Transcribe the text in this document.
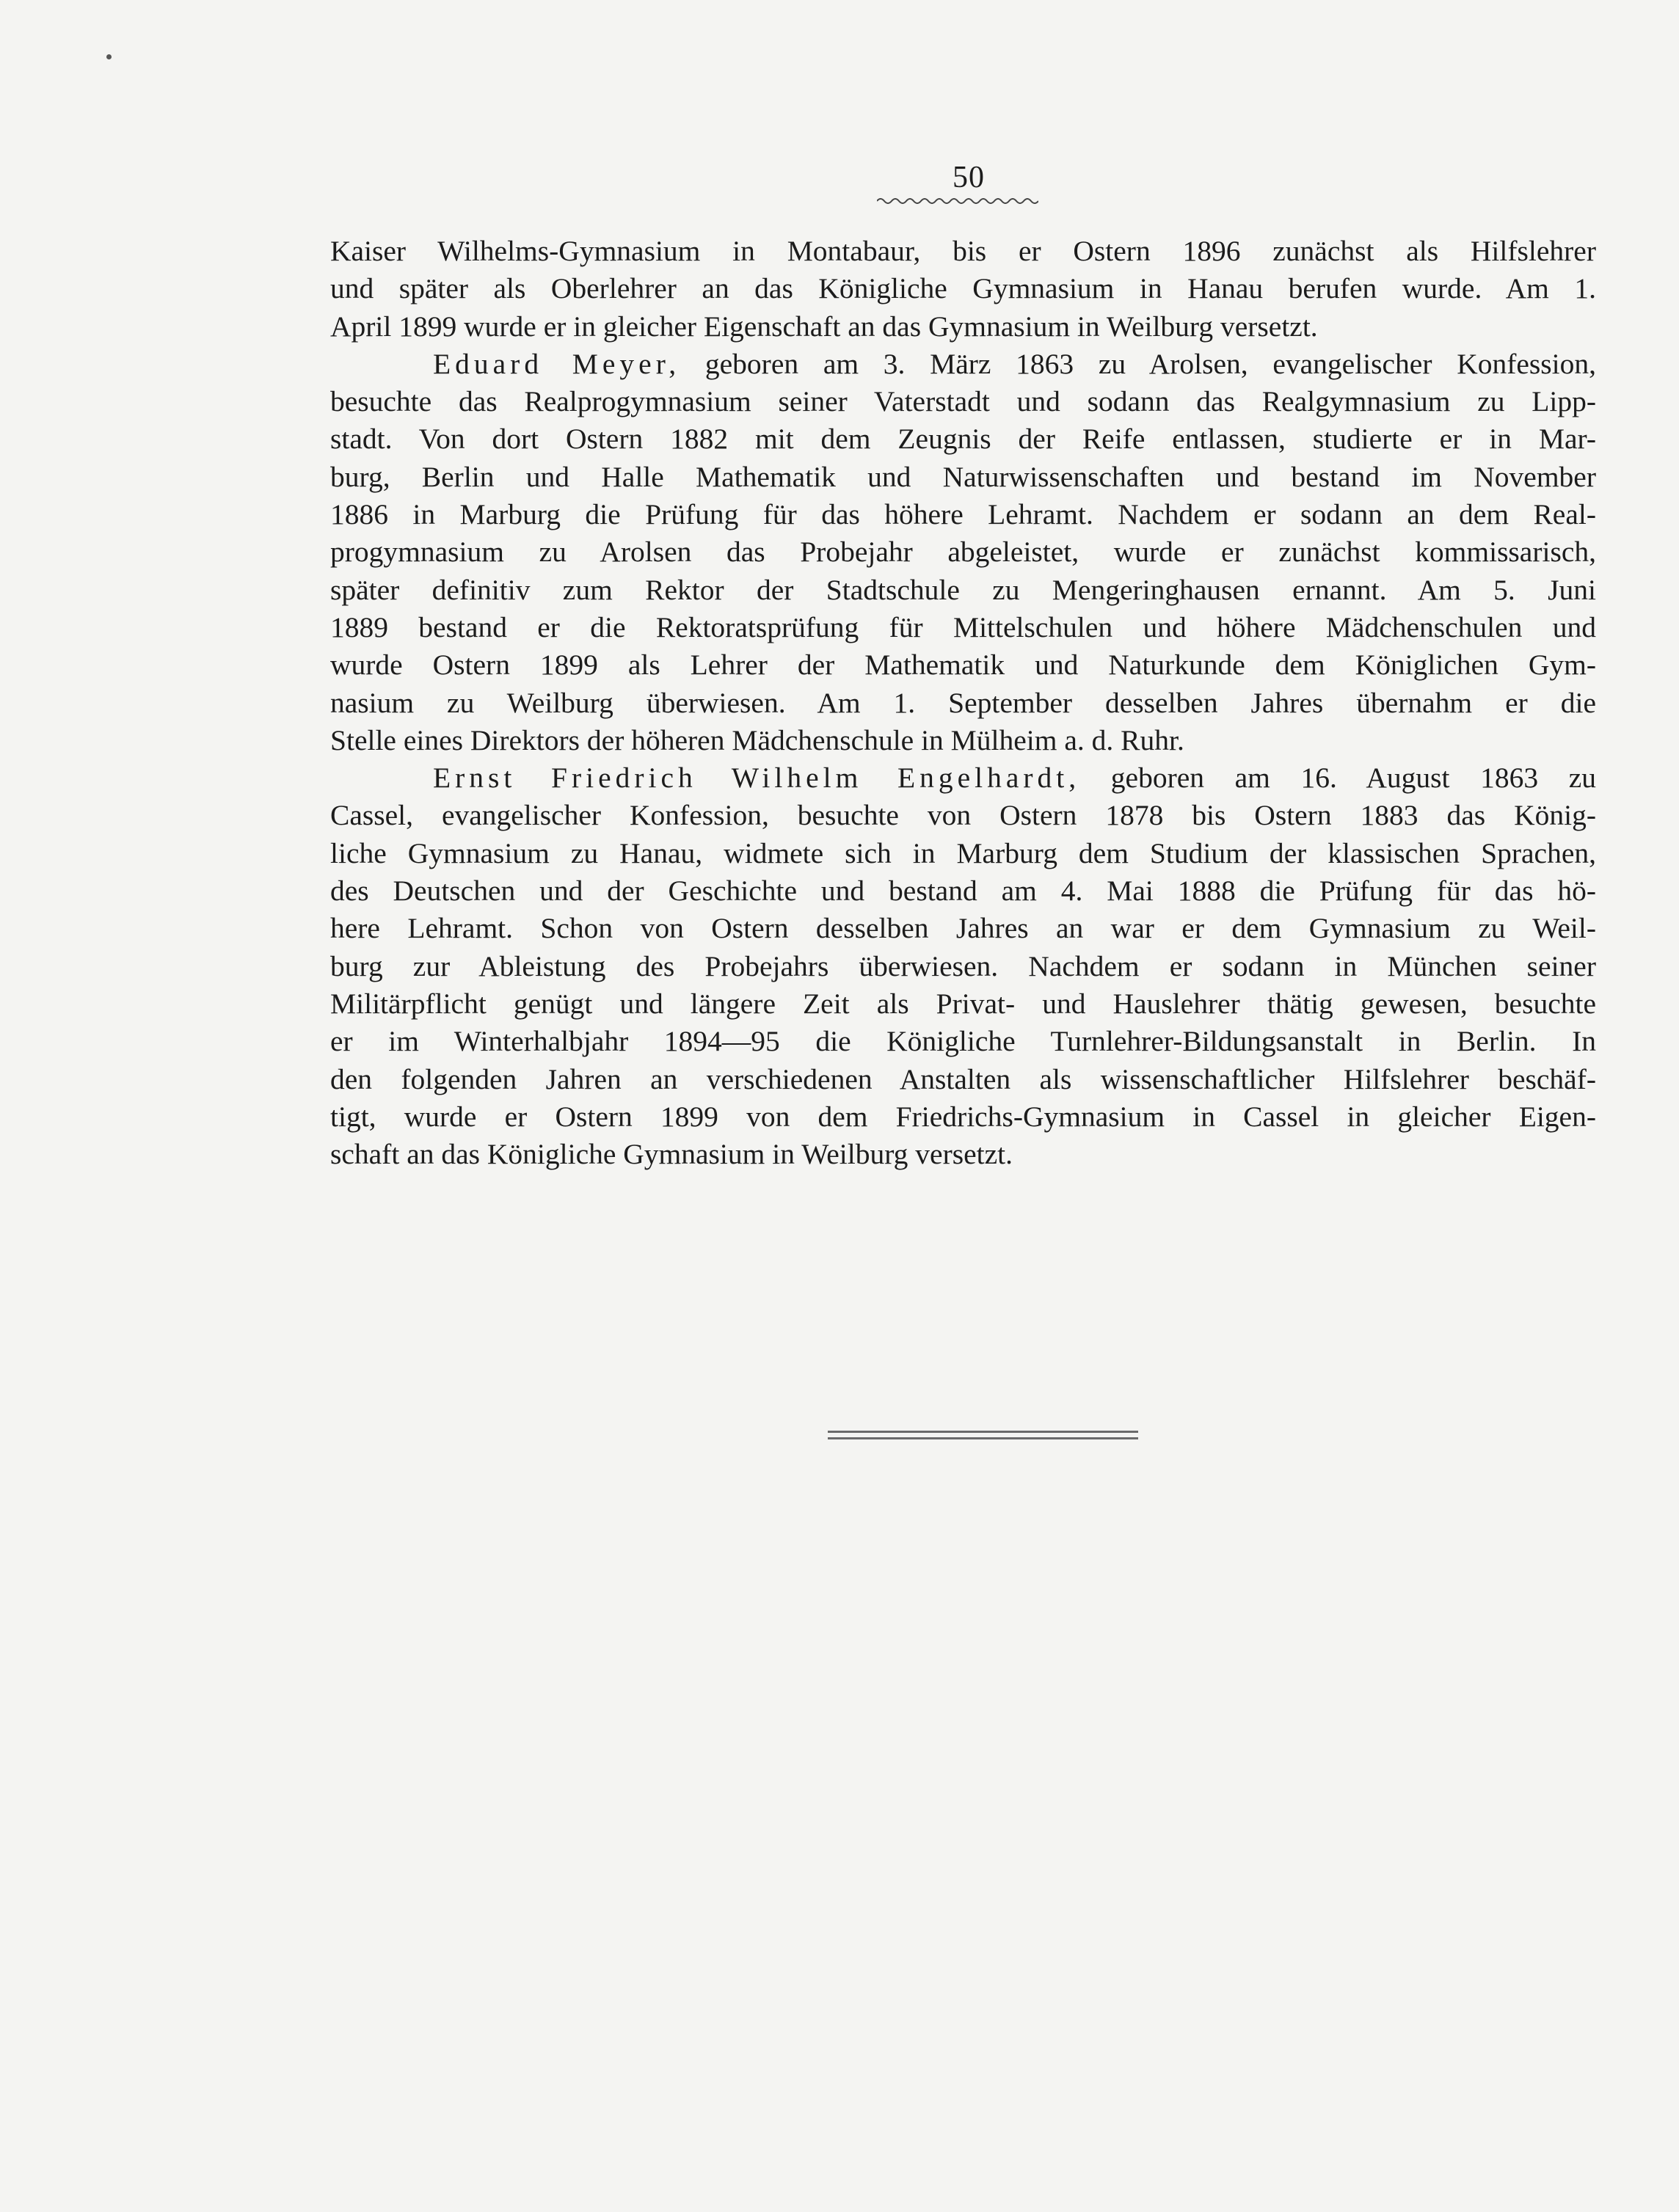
50

Kaiser Wilhelms-Gymnasium in Montabaur, bis er Ostern 1896 zunächst als Hilfslehrer

und später als Oberlehrer an das Königliche Gymnasium in Hanau berufen wurde. Am 1.

April 1899 wurde er in gleicher Eigenschaft an das Gymnasium in Weilburg versetzt.

Eduard Meyer, geboren am 3. März 1863 zu Arolsen, evangelischer Konfession,

besuchte das Realprogymnasium seiner Vaterstadt und sodann das Realgymnasium zu Lipp-

stadt. Von dort Ostern 1882 mit dem Zeugnis der Reife entlassen, studierte er in Mar-

burg, Berlin und Halle Mathematik und Naturwissenschaften und bestand im November

1886 in Marburg die Prüfung für das höhere Lehramt. Nachdem er sodann an dem Real-

progymnasium zu Arolsen das Probejahr abgeleistet, wurde er zunächst kommissarisch,

später definitiv zum Rektor der Stadtschule zu Mengeringhausen ernannt. Am 5. Juni

1889 bestand er die Rektoratsprüfung für Mittelschulen und höhere Mädchenschulen und

wurde Ostern 1899 als Lehrer der Mathematik und Naturkunde dem Königlichen Gym-

nasium zu Weilburg überwiesen. Am 1. September desselben Jahres übernahm er die

Stelle eines Direktors der höheren Mädchenschule in Mülheim a. d. Ruhr.

Ernst Friedrich Wilhelm Engelhardt, geboren am 16. August 1863 zu

Cassel, evangelischer Konfession, besuchte von Ostern 1878 bis Ostern 1883 das König-

liche Gymnasium zu Hanau, widmete sich in Marburg dem Studium der klassischen Sprachen,

des Deutschen und der Geschichte und bestand am 4. Mai 1888 die Prüfung für das hö-

here Lehramt. Schon von Ostern desselben Jahres an war er dem Gymnasium zu Weil-

burg zur Ableistung des Probejahrs überwiesen. Nachdem er sodann in München seiner

Militärpflicht genügt und längere Zeit als Privat- und Hauslehrer thätig gewesen, besuchte

er im Winterhalbjahr 1894—95 die Königliche Turnlehrer-Bildungsanstalt in Berlin. In

den folgenden Jahren an verschiedenen Anstalten als wissenschaftlicher Hilfslehrer beschäf-

tigt, wurde er Ostern 1899 von dem Friedrichs-Gymnasium in Cassel in gleicher Eigen-

schaft an das Königliche Gymnasium in Weilburg versetzt.
